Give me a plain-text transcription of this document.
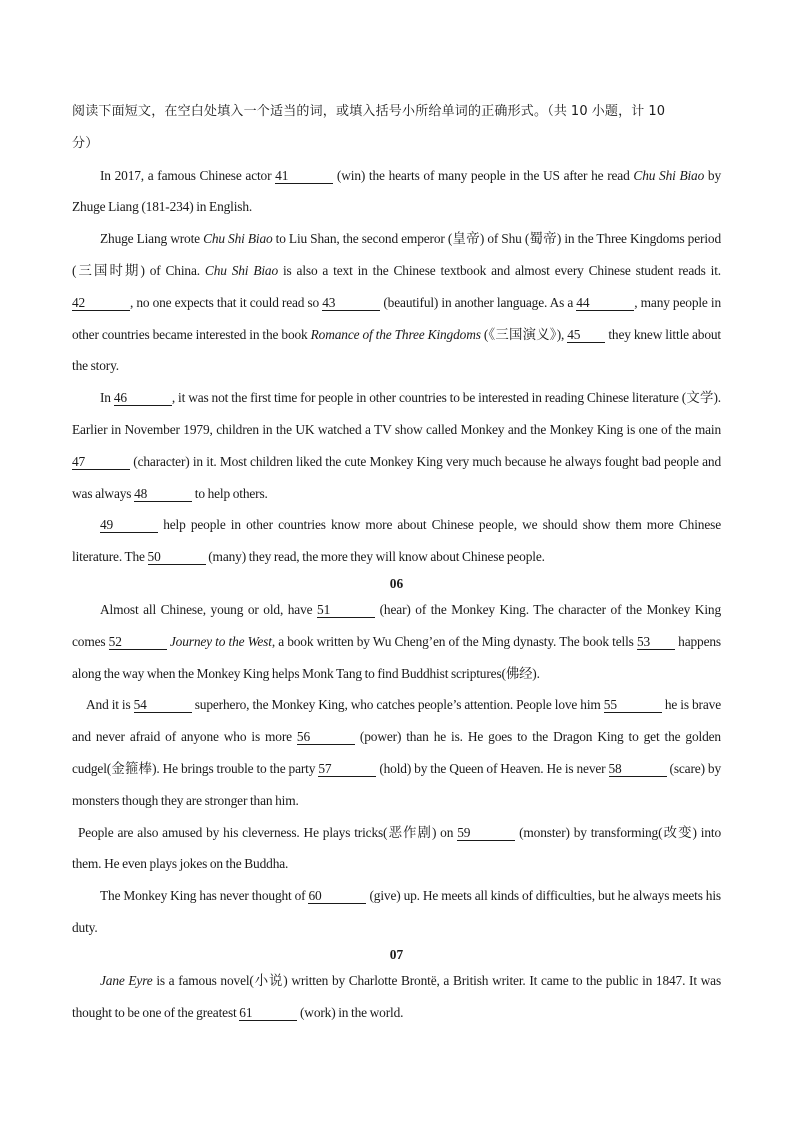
阅读下面短文，在空白处填入一个适当的词，或填入括号小所给单词的正确形式。（共 10 小题，计 10
分）

In 2017, a famous Chinese actor 41	(win) the hearts of many people in the US after he read Chu Shi Biao by Zhuge Liang (181-234) in English.

Zhuge Liang wrote Chu Shi Biao to Liu Shan, the second emperor (皇帝) of Shu (蜀帝) in the Three Kingdoms period (三国时期) of China. Chu Shi Biao is also a text in the Chinese textbook and almost every Chinese student reads it. 42	, no one expects that it could read so 43	(beautiful) in another language. As a 44	, many people in other countries became interested in the book Romance of the Three Kingdoms (《三国演义》), 45 they knew little about the story.

In 46	, it was not the first time for people in other countries to be interested in reading Chinese literature (文学). Earlier in November 1979, children in the UK watched a TV show called Monkey and the Monkey King is one of the main 47	(character) in it. Most children liked the cute Monkey King very much because he always fought bad people and was always 48	to help others.

49	help people in other countries know more about Chinese people, we should show them more Chinese literature. The 50	(many) they read, the more they will know about Chinese people.

06

Almost all Chinese, young or old, have 51	(hear) of the Monkey King. The character of the Monkey King comes 52	Journey to the West, a book written by Wu Cheng’en of the Ming dynasty. The book tells 53 happens along the way when the Monkey King helps Monk Tang to find Buddhist scriptures(佛经).

And it is 54	superhero, the Monkey King, who catches people’s attention. People love him 55	he is brave and never afraid of anyone who is more 56	(power) than he is. He goes to the Dragon King to get the golden cudgel(金箍棒). He brings trouble to the party 57	(hold) by the Queen of Heaven. He is never 58	(scare) by monsters though they are stronger than him.

People are also amused by his cleverness. He plays tricks(恶作剧) on 59	(monster) by transforming(改变) into them. He even plays jokes on the Buddha.

The Monkey King has never thought of 60	(give) up. He meets all kinds of difficulties, but he always meets his duty.

07

Jane Eyre is a famous novel(小说) written by Charlotte Brontë, a British writer. It came to the public in 1847. It was thought to be one of the greatest 61	(work) in the world.
